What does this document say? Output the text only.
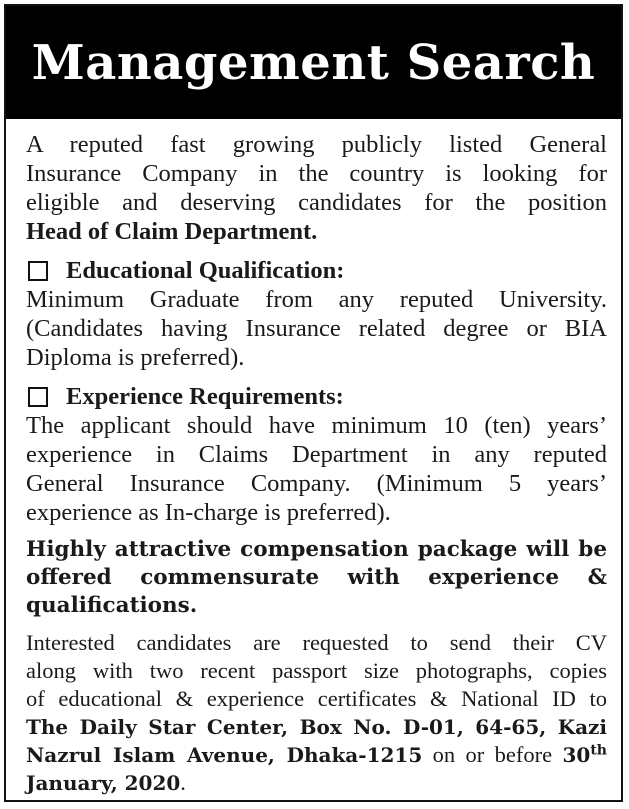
Management Search

A reputed fast growing publicly listed General

Insurance Company in the country is looking for

eligible and deserving candidates for the position

Head of Claim Department.

Educational Qualification:

Minimum Graduate from any reputed University.

(Candidates having Insurance related degree or BIA

Diploma is preferred).

Experience Requirements:

The applicant should have minimum 10 (ten) years’

experience in Claims Department in any reputed

General Insurance Company. (Minimum 5 years’

experience as In-charge is preferred).

Highly attractive compensation package will be

offered commensurate with experience &

qualifications.

Interested candidates are requested to send their CV

along with two recent passport size photographs, copies

of educational & experience certificates & National ID to

The Daily Star Center, Box No. D-01, 64-65, Kazi

Nazrul Islam Avenue, Dhaka-1215 on or before 30th

January, 2020.
